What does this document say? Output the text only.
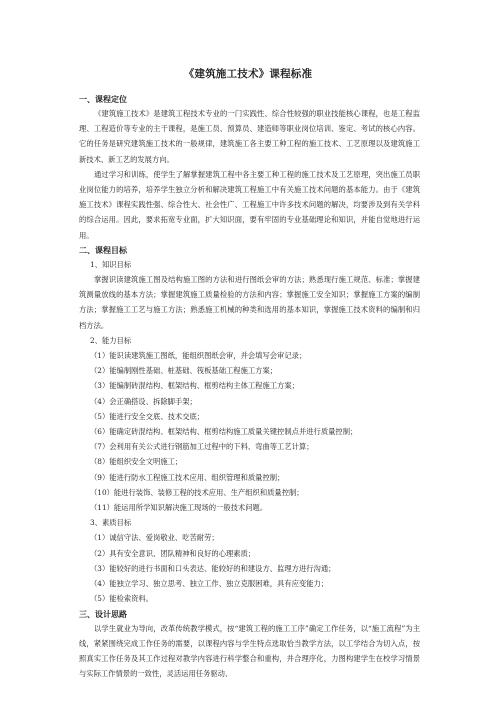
《建筑施工技术》课程标准
一、课程定位

《建筑施工技术》是建筑工程技术专业的一门实践性、综合性较强的职业技能核心课程，也是工程监理、工程造价等专业的主干课程，是施工员、预算员、建造师等职业岗位培训、鉴定、考试的核心内容。它的任务是研究建筑施工技术的一般规律，建筑施工各主要工种工程的施工技术、工艺原理以及建筑施工新技术、新工艺的发展方向。

通过学习和训练，使学生了解掌握建筑工程中各主要工种工程的施工技术及工艺原理，突出施工员职业岗位能力的培养，培养学生独立分析和解决建筑工程施工中有关施工技术问题的基本能力。由于《建筑施工技术》课程实践性强、综合性大、社会性广、工程施工中许多技术问题的解决，均要涉及到有关学科的综合运用。因此，要求拓宽专业面，扩大知识面，要有牢固的专业基础理论和知识，并能自觉地进行运用。

二、课程目标
1、知识目标

掌握识读建筑施工图及结构施工图的方法和进行图纸会审的方法；熟悉现行施工规范、标准；掌握建筑测量放线的基本方法；掌握建筑施工质量检验的方法和内容；掌握施工安全知识；掌握施工方案的编制方法；掌握施工工艺与施工方法；熟悉施工机械的种类和选用的基本知识，掌握施工技术资料的编制和归档方法。

2、能力目标
（1）能识读建筑施工图纸，能组织图纸会审，并会填写会审记录；
（2）能编制刚性基础、桩基础、筏板基础工程施工方案；
（3）能编制砖混结构、框架结构、框剪结构主体工程施工方案；
（4）会正确搭设、拆除脚手架；
（5）能进行安全交底、技术交底；
（6）能确定砖混结构、框架结构、框剪结构施工质量关键控制点并进行质量控制；
（7）会利用有关公式进行钢筋加工过程中的下料、弯曲等工艺计算；
（8）能组织安全文明施工；
（9）能进行防水工程施工技术应用、组织管理和质量控制；
（10）能进行装饰、装修工程的技术应用、生产组织和质量控制；
（11）能运用所学知识解决施工现场的一般技术问题。
3、素质目标
（1）诚信守法、爱岗敬业、吃苦耐劳；
（2）具有安全意识、团队精神和良好的心理素质；
（3）能较好的进行书面和口头表达、能较好的和建设方、监理方进行沟通；
（4）能独立学习、独立思考、独立工作、独立克服困难，具有应变能力；
（5）能检索资料。
三、设计思路

以学生就业为导向，改革传统教学模式，按“建筑工程的施工工序”确定工作任务，以“施工流程”为主线，紧紧围绕完成工作任务的需要，以课程内容与学生特点选取恰当教学方法，以工学结合为切入点，按照真实工作任务及其工作过程对教学内容进行科学整合和重构，并合理序化，力图构建学生在校学习情景与实际工作情景的一致性，灵活运用任务驱动、
